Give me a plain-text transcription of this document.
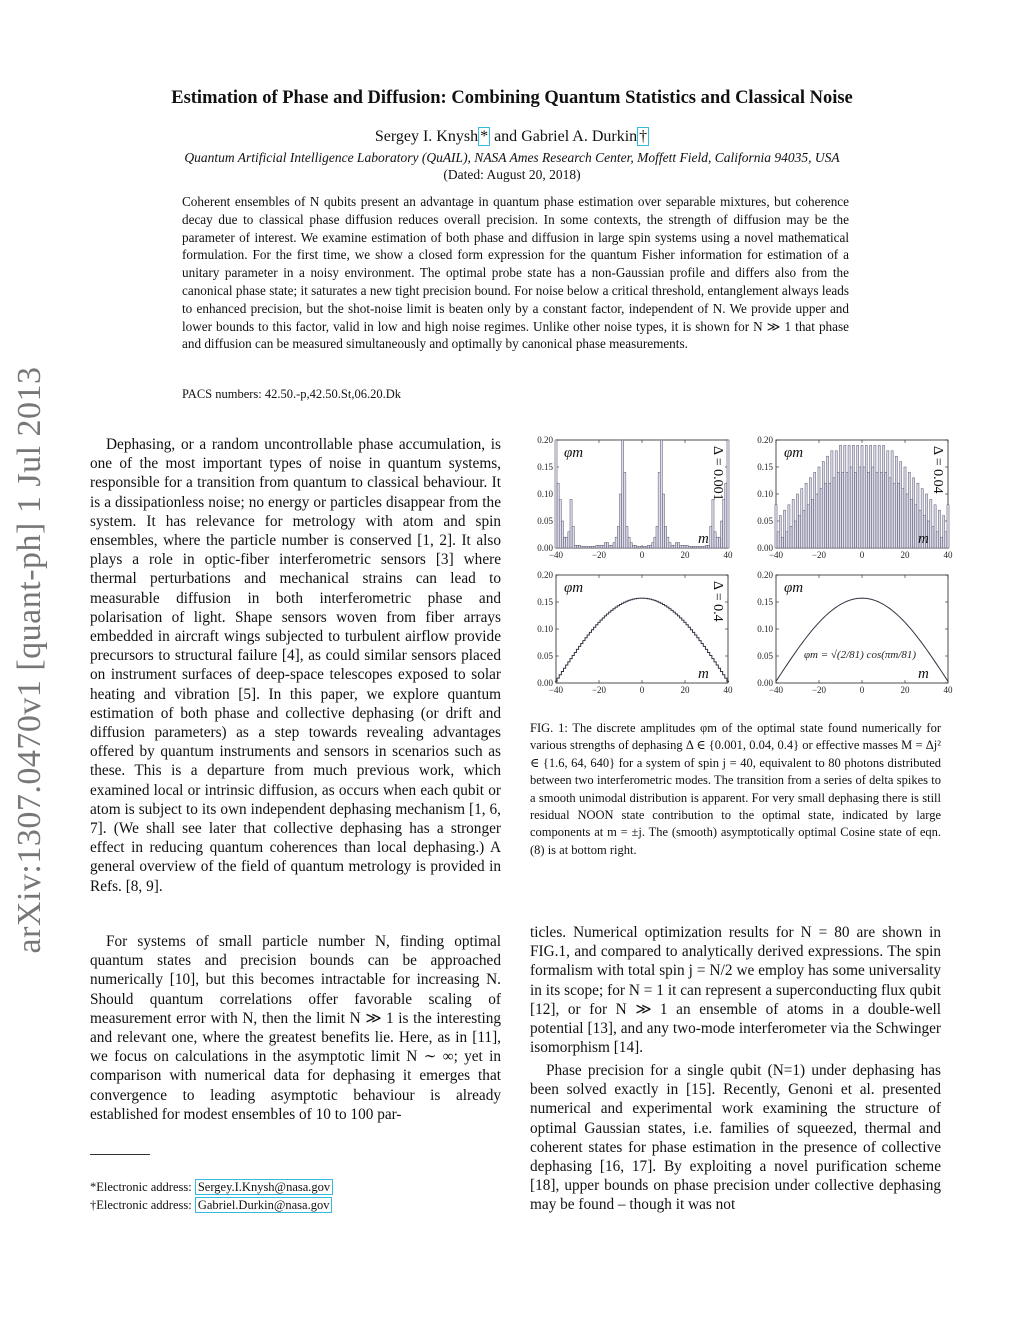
Estimation of Phase and Diffusion: Combining Quantum Statistics and Classical Noise
Sergey I. Knysh * and Gabriel A. Durkin †
Quantum Artificial Intelligence Laboratory (QuAIL), NASA Ames Research Center, Moffett Field, California 94035, USA
(Dated: August 20, 2018)
Coherent ensembles of N qubits present an advantage in quantum phase estimation over separable mixtures, but coherence decay due to classical phase diffusion reduces overall precision. In some contexts, the strength of diffusion may be the parameter of interest. We examine estimation of both phase and diffusion in large spin systems using a novel mathematical formulation. For the first time, we show a closed form expression for the quantum Fisher information for estimation of a unitary parameter in a noisy environment. The optimal probe state has a non-Gaussian profile and differs also from the canonical phase state; it saturates a new tight precision bound. For noise below a critical threshold, entanglement always leads to enhanced precision, but the shot-noise limit is beaten only by a constant factor, independent of N. We provide upper and lower bounds to this factor, valid in low and high noise regimes. Unlike other noise types, it is shown for N ≫ 1 that phase and diffusion can be measured simultaneously and optimally by canonical phase measurements.
PACS numbers: 42.50.-p,42.50.St,06.20.Dk
arXiv:1307.0470v1 [quant-ph] 1 Jul 2013	Dephasing, or a random uncontrollable phase accumulation, is one of the most important types of noise in quantum systems, responsible for a transition from quantum to classical behaviour. It is a dissipationless noise; no energy or particles disappear from the system. It has relevance for metrology with atom and spin ensembles, where the particle number is conserved [1, 2]. It also plays a role in optic-fiber interferometric sensors [3] where thermal perturbations and mechanical strains can lead to measurable diffusion in both interferometric phase and polarisation of light. Shape sensors woven from fiber arrays embedded in aircraft wings subjected to turbulent airflow provide precursors to structural failure [4], as could similar sensors placed on instrument surfaces of deep-space telescopes exposed to solar heating and vibration [5]. In this paper, we explore quantum estimation of both phase and collective dephasing (or drift and diffusion parameters) as a step towards revealing advantages offered by quantum instruments and sensors in scenarios such as these. This is a departure from much previous work, which examined local or intrinsic diffusion, as occurs when each qubit or atom is subject to its own independent dephasing mechanism [1, 6, 7]. (We shall see later that collective dephasing has a stronger effect in reducing quantum coherences than local dephasing.) A general overview of the field of quantum metrology is provided in Refs. [8, 9].

For systems of small particle number N, finding optimal quantum states and precision bounds can be approached numerically [10], but this becomes intractable for increasing N. Should quantum correlations offer favorable scaling of measurement error with N, then the limit N ≫ 1 is the interesting and relevant one, where the greatest benefits lie. Here, as in [11], we focus on calculations in the asymptotic limit N ∼ ∞; yet in comparison with numerical data for dephasing it emerges that convergence to leading asymptotic behaviour is already established for modest ensembles of 10 to 100 par-

*Electronic address: Sergey.I.Knysh@nasa.gov
†Electronic address: Gabriel.Durkin@nasa.gov
−40	−20	0	20	40
0.00
0.05
0.10
0.15
0.20
φm
m
Δ = 0.001
−40	−20	0	20	40
0.00
0.05
0.10
0.15
0.20
φm
m
Δ = 0.04
−40	−20	0	20	40
0.00
0.05
0.10
0.15
0.20
φm
m
Δ = 0.4
−40	−20	0	20	40
0.00
0.05
0.10
0.15
0.20
φm
m
φm = √(2/81) cos(πm/81)
FIG. 1: The discrete amplitudes φm of the optimal state found numerically for various strengths of dephasing Δ ∈ {0.001, 0.04, 0.4} or effective masses M = Δj² ∈ {1.6, 64, 640} for a system of spin j = 40, equivalent to 80 photons distributed between two interferometric modes. The transition from a series of delta spikes to a smooth unimodal distribution is apparent. For very small dephasing there is still residual NOON state contribution to the optimal state, indicated by large components at m = ±j. The (smooth) asymptotically optimal Cosine state of eqn.(8) is at bottom right.

ticles. Numerical optimization results for N = 80 are shown in FIG.1, and compared to analytically derived expressions. The spin formalism with total spin j = N/2 we employ has some universality in its scope; for N = 1 it can represent a superconducting flux qubit [12], or for N ≫ 1 an ensemble of atoms in a double-well potential [13], and any two-mode interferometer via the Schwinger isomorphism [14].

Phase precision for a single qubit (N=1) under dephasing has been solved exactly in [15]. Recently, Genoni et al. presented numerical and experimental work examining the structure of optimal Gaussian states, i.e. families of squeezed, thermal and coherent states for phase estimation in the presence of collective dephasing [16, 17]. By exploiting a novel purification scheme [18], upper bounds on phase precision under collective dephasing may be found – though it was not
